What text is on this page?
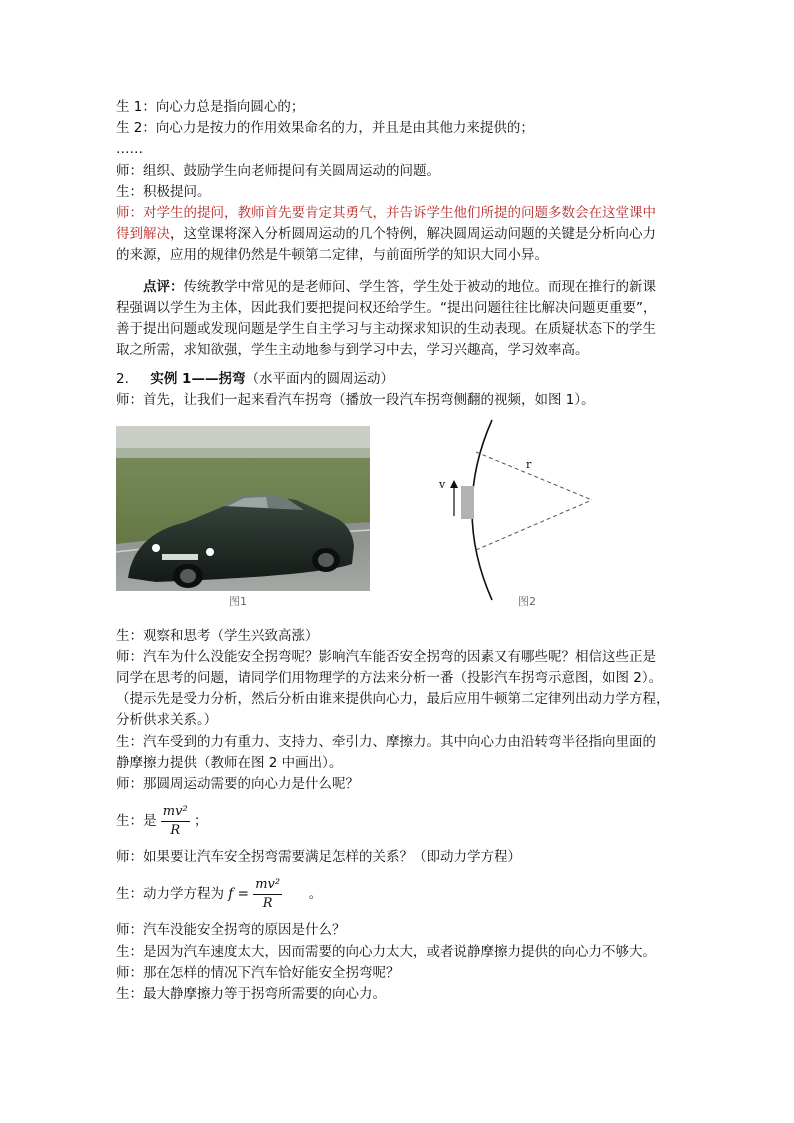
生 1：向心力总是指向圆心的；
生 2：向心力是按力的作用效果命名的力，并且是由其他力来提供的；
……
师：组织、鼓励学生向老师提问有关圆周运动的问题。
生：积极提问。
师：对学生的提问，教师首先要肯定其勇气，并告诉学生他们所提的问题多数会在这堂课中
得到解决，这堂课将深入分析圆周运动的几个特例，解决圆周运动问题的关键是分析向心力
的来源，应用的规律仍然是牛顿第二定律，与前面所学的知识大同小异。
点评：传统教学中常见的是老师问、学生答，学生处于被动的地位。而现在推行的新课
程强调以学生为主体，因此我们要把提问权还给学生。“提出问题往往比解决问题更重要”，
善于提出问题或发现问题是学生自主学习与主动探求知识的生动表现。在质疑状态下的学生
取之所需，求知欲强，学生主动地参与到学习中去，学习兴趣高，学习效率高。
2. 实例 1——拐弯（水平面内的圆周运动）
师：首先，让我们一起来看汽车拐弯（播放一段汽车拐弯侧翻的视频，如图 1）。
图1
v
r
图2
生：观察和思考（学生兴致高涨）
师：汽车为什么没能安全拐弯呢？影响汽车能否安全拐弯的因素又有哪些呢？相信这些正是
同学在思考的问题，请同学们用物理学的方法来分析一番（投影汽车拐弯示意图，如图 2）。
（提示先是受力分析，然后分析由谁来提供向心力，最后应用牛顿第二定律列出动力学方程，
分析供求关系。）
生：汽车受到的力有重力、支持力、牵引力、摩擦力。其中向心力由沿转弯半径指向里面的
静摩擦力提供（教师在图 2 中画出）。
师：那圆周运动需要的向心力是什么呢？
生：是 $\frac{\text{mv²}}{R}$ ；
师：如果要让汽车安全拐弯需要满足怎样的关系？（即动力学方程）
生：动力学方程为 $f = \frac{\text{mv²}}{R}$ 。
师：汽车没能安全拐弯的原因是什么？
生：是因为汽车速度太大，因而需要的向心力太大，或者说静摩擦力提供的向心力不够大。
师：那在怎样的情况下汽车恰好能安全拐弯呢？
生：最大静摩擦力等于拐弯所需要的向心力。
